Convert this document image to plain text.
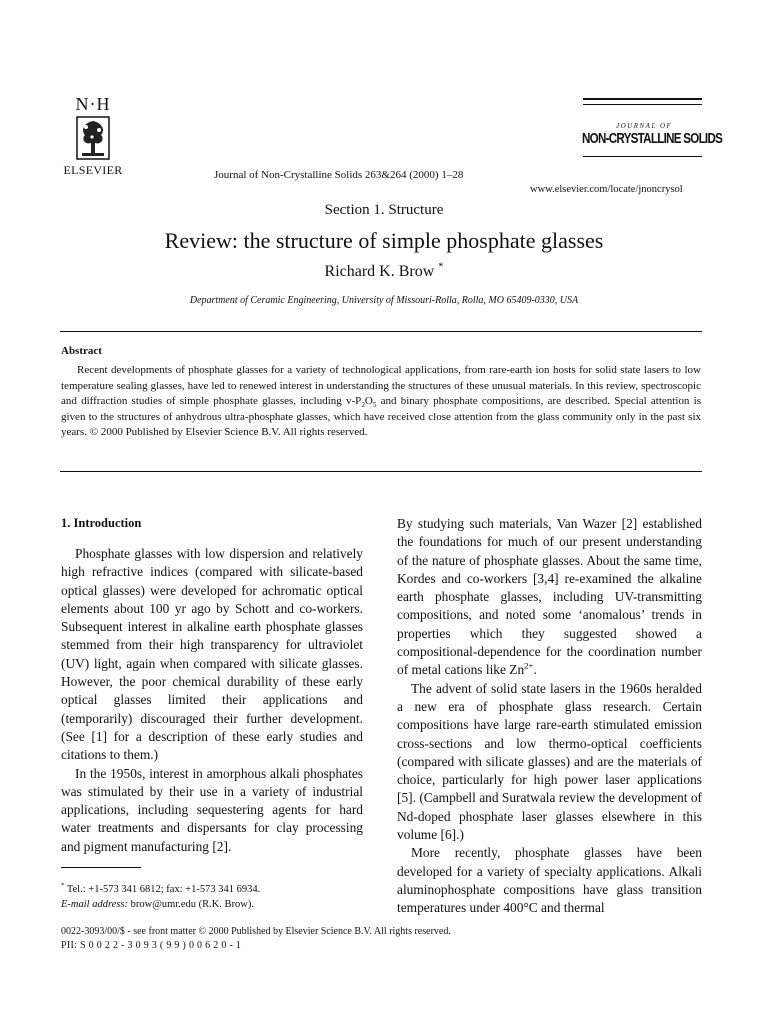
N·H
ELSEVIER	Journal of Non-Crystalline Solids 263&264 (2000) 1–28
JOURNAL OF
NON-CRYSTALLINE SOLIDS
www.elsevier.com/locate/jnoncrysol
Section 1. Structure
Review: the structure of simple phosphate glasses
Richard K. Brow *
Department of Ceramic Engineering, University of Missouri-Rolla, Rolla, MO 65409-0330, USA
Abstract

Recent developments of phosphate glasses for a variety of technological applications, from rare-earth ion hosts for solid state lasers to low temperature sealing glasses, have led to renewed interest in understanding the structures of these unusual materials. In this review, spectroscopic and diffraction studies of simple phosphate glasses, including $v-P_2O_5$ and binary phosphate compositions, are described. Special attention is given to the structures of anhydrous ultra-phosphate glasses, which have received close attention from the glass community only in the past six years. © 2000 Published by Elsevier Science B.V. All rights reserved.

1. Introduction

Phosphate glasses with low dispersion and relatively high refractive indices (compared with silicate-based optical glasses) were developed for achromatic optical elements about 100 yr ago by Schott and co-workers. Subsequent interest in alkaline earth phosphate glasses stemmed from their high transparency for ultraviolet (UV) light, again when compared with silicate glasses. However, the poor chemical durability of these early optical glasses limited their applications and (temporarily) discouraged their further development. (See [1] for a description of these early studies and citations to them.)

In the 1950s, interest in amorphous alkali phosphates was stimulated by their use in a variety of industrial applications, including sequestering agents for hard water treatments and dispersants for clay processing and pigment manufacturing [2].

By studying such materials, Van Wazer [2] established the foundations for much of our present understanding of the nature of phosphate glasses. About the same time, Kordes and co-workers [3,4] re-examined the alkaline earth phosphate glasses, including UV-transmitting compositions, and noted some ‘anomalous’ trends in properties which they suggested showed a compositional-dependence for the coordination number of metal cations like $Zn^{2+}$.

The advent of solid state lasers in the 1960s heralded a new era of phosphate glass research. Certain compositions have large rare-earth stimulated emission cross-sections and low thermo-optical coefficients (compared with silicate glasses) and are the materials of choice, particularly for high power laser applications [5]. (Campbell and Suratwala review the development of Nd-doped phosphate laser glasses elsewhere in this volume [6].)

More recently, phosphate glasses have been developed for a variety of specialty applications. Alkali aluminophosphate compositions have glass transition temperatures under 400°C and thermal

* Tel.: +1-573 341 6812; fax: +1-573 341 6934.
E-mail address: brow@umr.edu (R.K. Brow).
0022-3093/00/$ - see front matter © 2000 Published by Elsevier Science B.V. All rights reserved.
PII: S 0 0 2 2 - 3 0 9 3 ( 9 9 ) 0 0 6 2 0 - 1
